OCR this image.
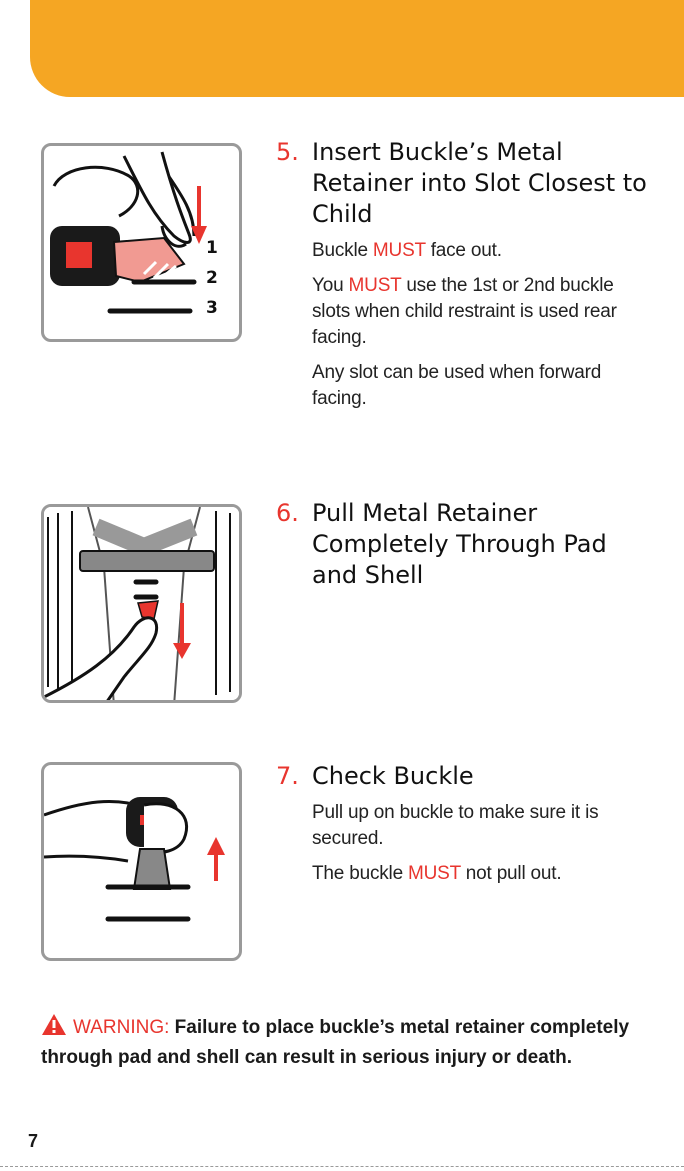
1
2
3
5. Insert Buckle’s Metal Retainer into Slot Closest to Child

Buckle MUST face out.

You MUST use the 1st or 2nd buckle slots when child restraint is used rear facing.

Any slot can be used when forward facing.

6. Pull Metal Retainer Completely Through Pad and Shell
7. Check Buckle

Pull up on buckle to make sure it is secured.

The buckle MUST not pull out.

WARNING: Failure to place buckle’s metal retainer completely through pad and shell can result in serious injury or death.
7
